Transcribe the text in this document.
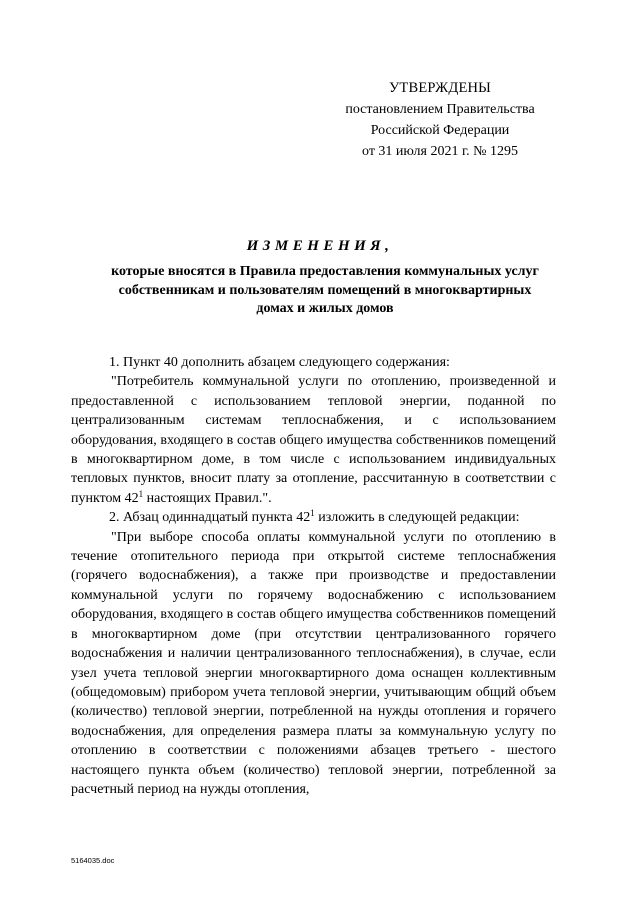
УТВЕРЖДЕНЫ
постановлением Правительства
Российской Федерации
от 31 июля 2021 г. № 1295
ИЗМЕНЕНИЯ,
которые вносятся в Правила предоставления коммунальных услуг
собственникам и пользователям помещений в многоквартирных
домах и жилых домов

1. Пункт 40 дополнить абзацем следующего содержания:

"Потребитель коммунальной услуги по отоплению, произведенной и предоставленной с использованием тепловой энергии, поданной по централизованным системам теплоснабжения, и с использованием оборудования, входящего в состав общего имущества собственников помещений в многоквартирном доме, в том числе с использованием индивидуальных тепловых пунктов, вносит плату за отопление, рассчитанную в соответствии с пунктом $42^1$ настоящих Правил.".

2. Абзац одиннадцатый пункта $42^1$ изложить в следующей редакции:

"При выборе способа оплаты коммунальной услуги по отоплению в течение отопительного периода при открытой системе теплоснабжения (горячего водоснабжения), а также при производстве и предоставлении коммунальной услуги по горячему водоснабжению с использованием оборудования, входящего в состав общего имущества собственников помещений в многоквартирном доме (при отсутствии централизованного горячего водоснабжения и наличии централизованного теплоснабжения), в случае, если узел учета тепловой энергии многоквартирного дома оснащен коллективным (общедомовым) прибором учета тепловой энергии, учитывающим общий объем (количество) тепловой энергии, потребленной на нужды отопления и горячего водоснабжения, для определения размера платы за коммунальную услугу по отоплению в соответствии с положениями абзацев третьего - шестого настоящего пункта объем (количество) тепловой энергии, потребленной за расчетный период на нужды отопления,

5164035.doc
